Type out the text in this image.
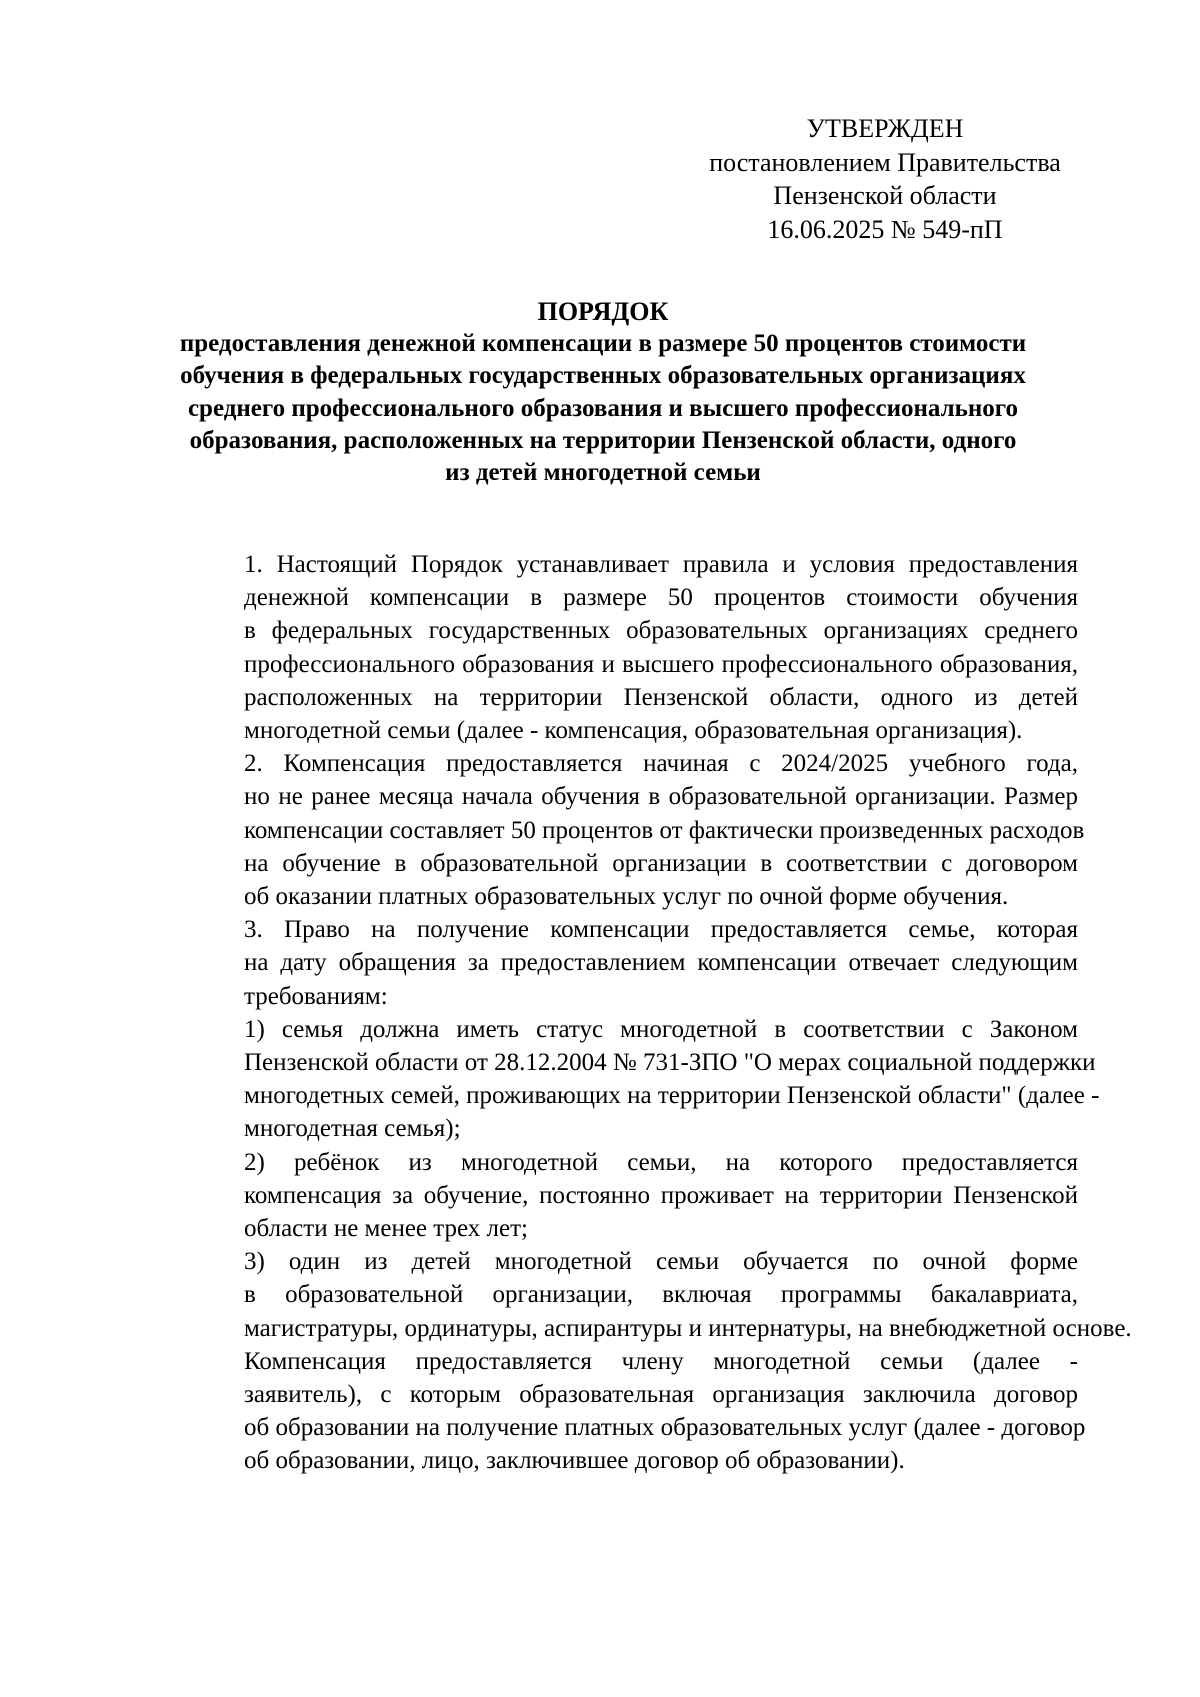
УТВЕРЖДЕН
постановлением Правительства
Пензенской области
16.06.2025 № 549-пП
ПОРЯДОК
предоставления денежной компенсации в размере 50 процентов стоимости
обучения в федеральных государственных образовательных организациях
среднего профессионального образования и высшего профессионального
образования, расположенных на территории Пензенской области, одного
из детей многодетной семьи
1. Настоящий Порядок устанавливает правила и условия предоставления
денежной компенсации в размере 50 процентов стоимости обучения
в федеральных государственных образовательных организациях среднего
профессионального образования и высшего профессионального образования,
расположенных на территории Пензенской области, одного из детей
многодетной семьи (далее - компенсация, образовательная организация).
2. Компенсация предоставляется начиная с 2024/2025 учебного года,
но не ранее месяца начала обучения в образовательной организации. Размер
компенсации составляет 50 процентов от фактически произведенных расходов
на обучение в образовательной организации в соответствии с договором
об оказании платных образовательных услуг по очной форме обучения.
3. Право на получение компенсации предоставляется семье, которая
на дату обращения за предоставлением компенсации отвечает следующим
требованиям:
1) семья должна иметь статус многодетной в соответствии с Законом
Пензенской области от 28.12.2004 № 731-ЗПО "О мерах социальной поддержки
многодетных семей, проживающих на территории Пензенской области" (далее -
многодетная семья);
2) ребёнок из многодетной семьи, на которого предоставляется
компенсация за обучение, постоянно проживает на территории Пензенской
области не менее трех лет;
3) один из детей многодетной семьи обучается по очной форме
в образовательной организации, включая программы бакалавриата,
магистратуры, ординатуры, аспирантуры и интернатуры, на внебюджетной основе.
Компенсация предоставляется члену многодетной семьи (далее -
заявитель), с которым образовательная организация заключила договор
об образовании на получение платных образовательных услуг (далее - договор
об образовании, лицо, заключившее договор об образовании).
